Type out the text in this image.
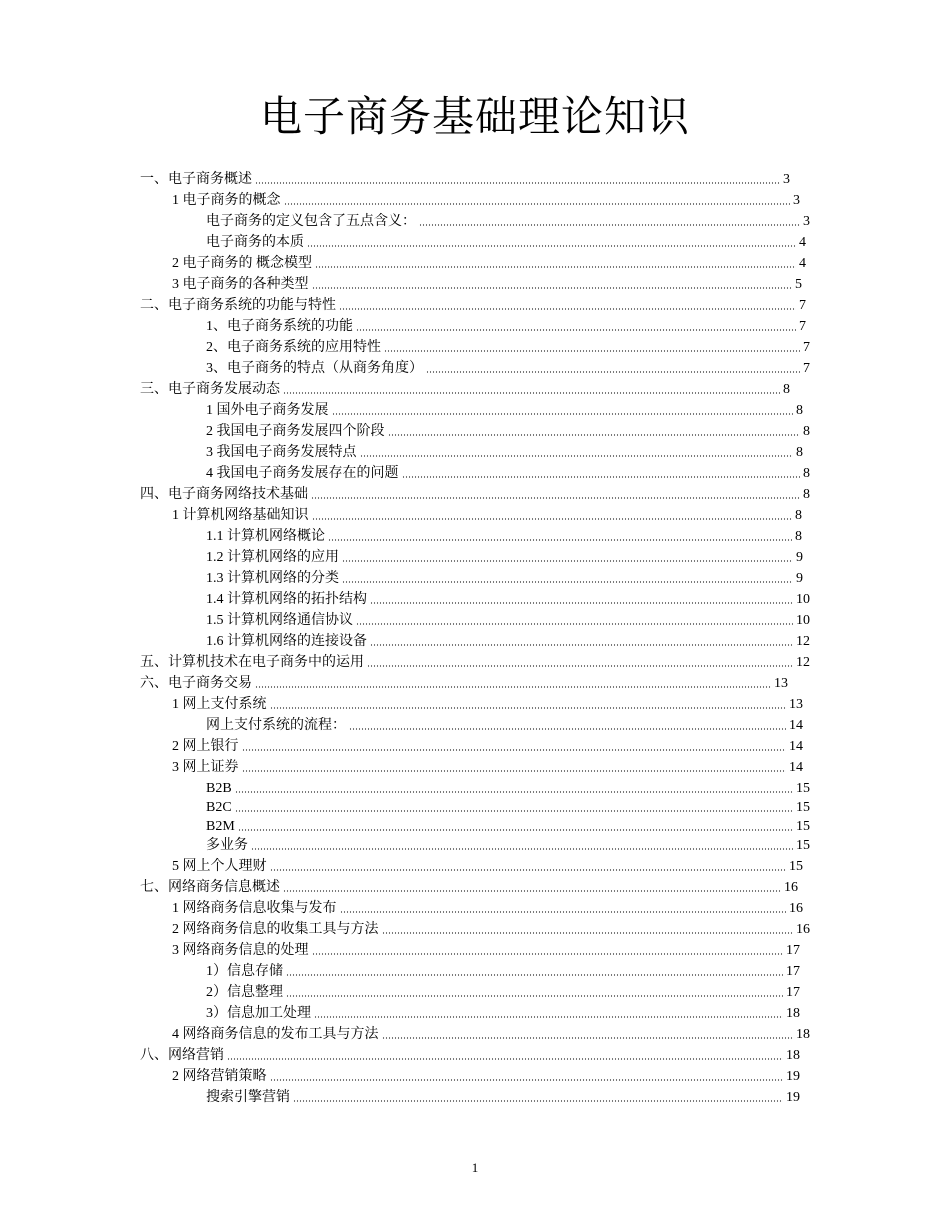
电子商务基础理论知识
一、电子商务概述	3
1 电子商务的概念	3
电子商务的定义包含了五点含义：	3
电子商务的本质	4
2 电子商务的 概念模型	4
3 电子商务的各种类型	5
二、电子商务系统的功能与特性	7
1、电子商务系统的功能	7
2、电子商务系统的应用特性	7
3、电子商务的特点（从商务角度）	7
三、电子商务发展动态	8
1 国外电子商务发展	8
2 我国电子商务发展四个阶段	8
3 我国电子商务发展特点	8
4 我国电子商务发展存在的问题	8
四、电子商务网络技术基础	8
1 计算机网络基础知识	8
1.1 计算机网络概论	8
1.2 计算机网络的应用	9
1.3 计算机网络的分类	9
1.4 计算机网络的拓扑结构	10
1.5 计算机网络通信协议	10
1.6 计算机网络的连接设备	12
五、计算机技术在电子商务中的运用	12
六、电子商务交易	13
1 网上支付系统	13
网上支付系统的流程：	14
2 网上银行	14
3 网上证券	14
B2B	15
B2C	15
B2M	15
多业务	15
5 网上个人理财	15
七、网络商务信息概述	16
1 网络商务信息收集与发布	16
2 网络商务信息的收集工具与方法	16
3 网络商务信息的处理	17
1）信息存储	17
2）信息整理	17
3）信息加工处理	18
4 网络商务信息的发布工具与方法	18
八、网络营销	18
2 网络营销策略	19
搜索引擎营销	19
1
